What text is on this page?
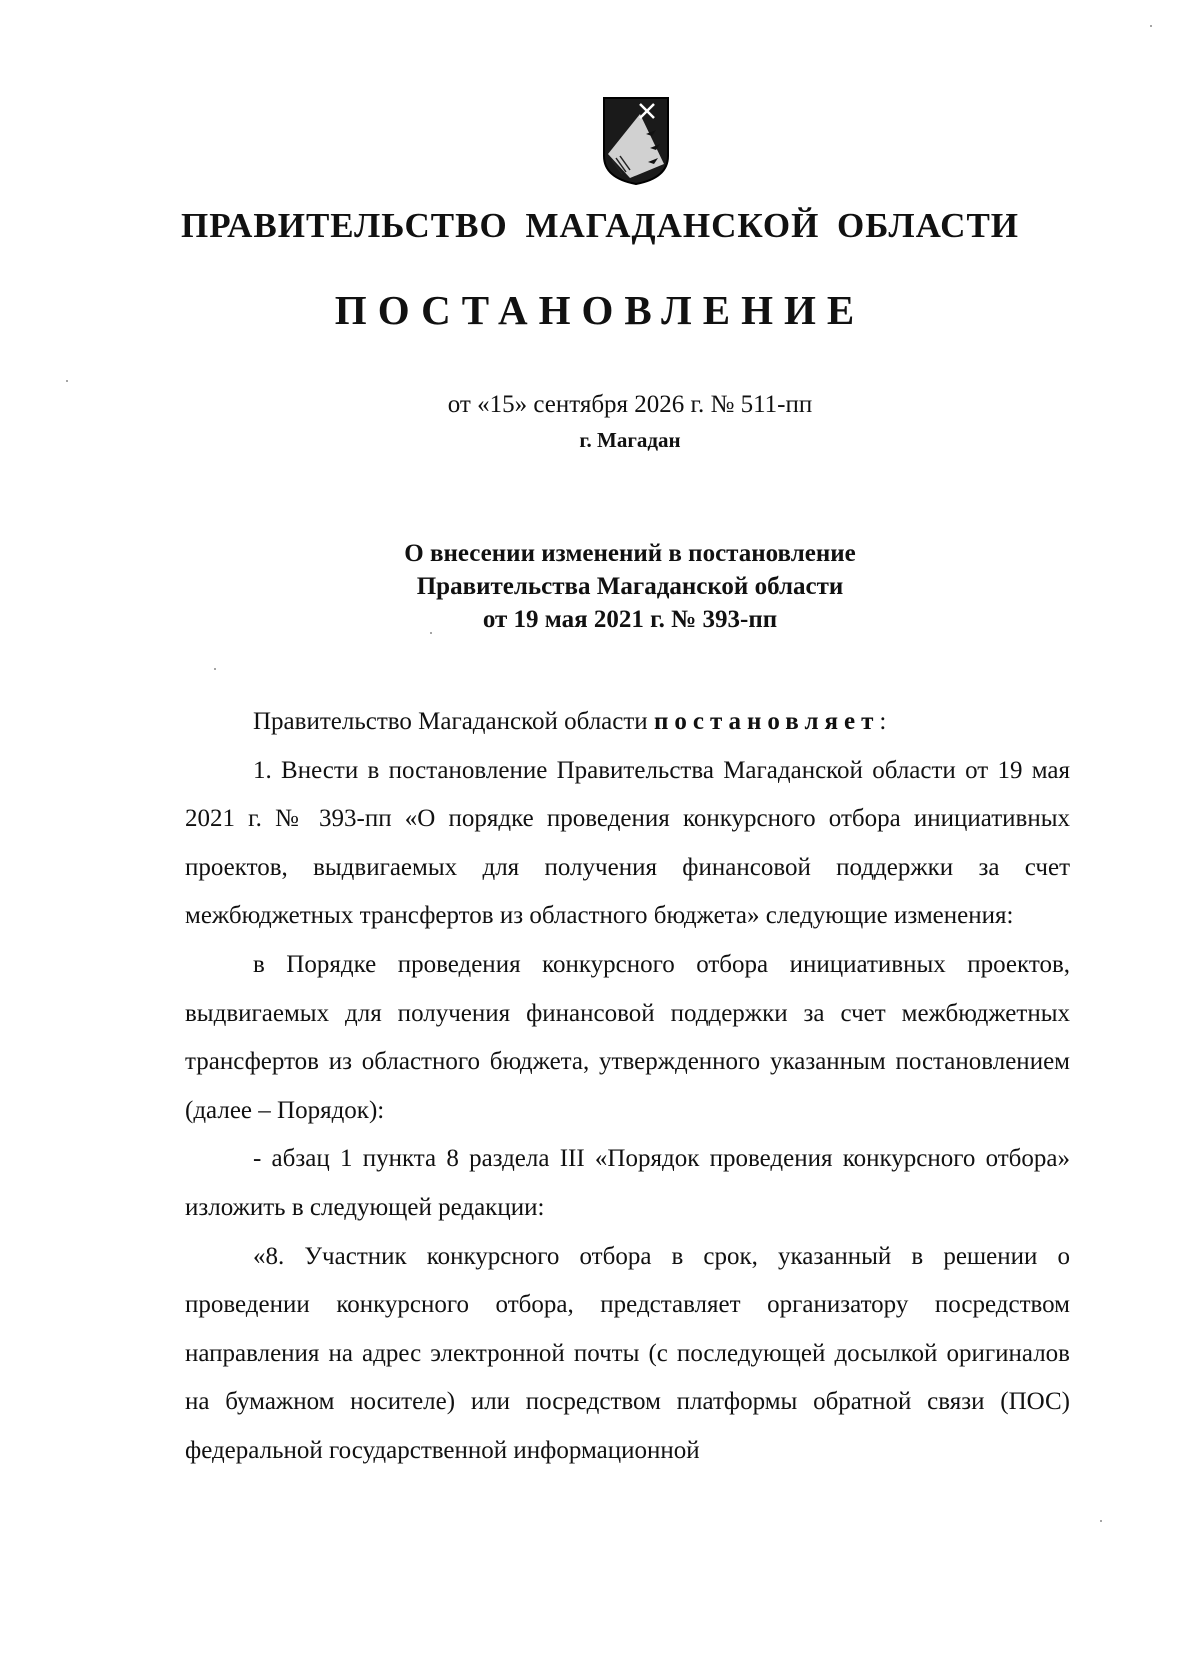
ПРАВИТЕЛЬСТВО МАГАДАНСКОЙ ОБЛАСТИ
ПОСТАНОВЛЕНИЕ
от «15» сентября 2026 г. № 511-пп
г. Магадан
О внесении изменений в постановление
Правительства Магаданской области
от 19 мая 2021 г. № 393-пп

Правительство Магаданской области постановляет:

1. Внести в постановление Правительства Магаданской области от 19 мая 2021 г. № 393-пп «О порядке проведения конкурсного отбора инициативных проектов, выдвигаемых для получения финансовой поддержки за счет межбюджетных трансфертов из областного бюджета» следующие изменения:

в Порядке проведения конкурсного отбора инициативных проектов, выдвигаемых для получения финансовой поддержки за счет межбюджетных трансфертов из областного бюджета, утвержденного указанным постановлением (далее – Порядок):

- абзац 1 пункта 8 раздела III «Порядок проведения конкурсного отбора» изложить в следующей редакции:

«8. Участник конкурсного отбора в срок, указанный в решении о проведении конкурсного отбора, представляет организатору посредством направления на адрес электронной почты (с последующей досылкой оригиналов на бумажном носителе) или посредством платформы обратной связи (ПОС) федеральной государственной информационной
